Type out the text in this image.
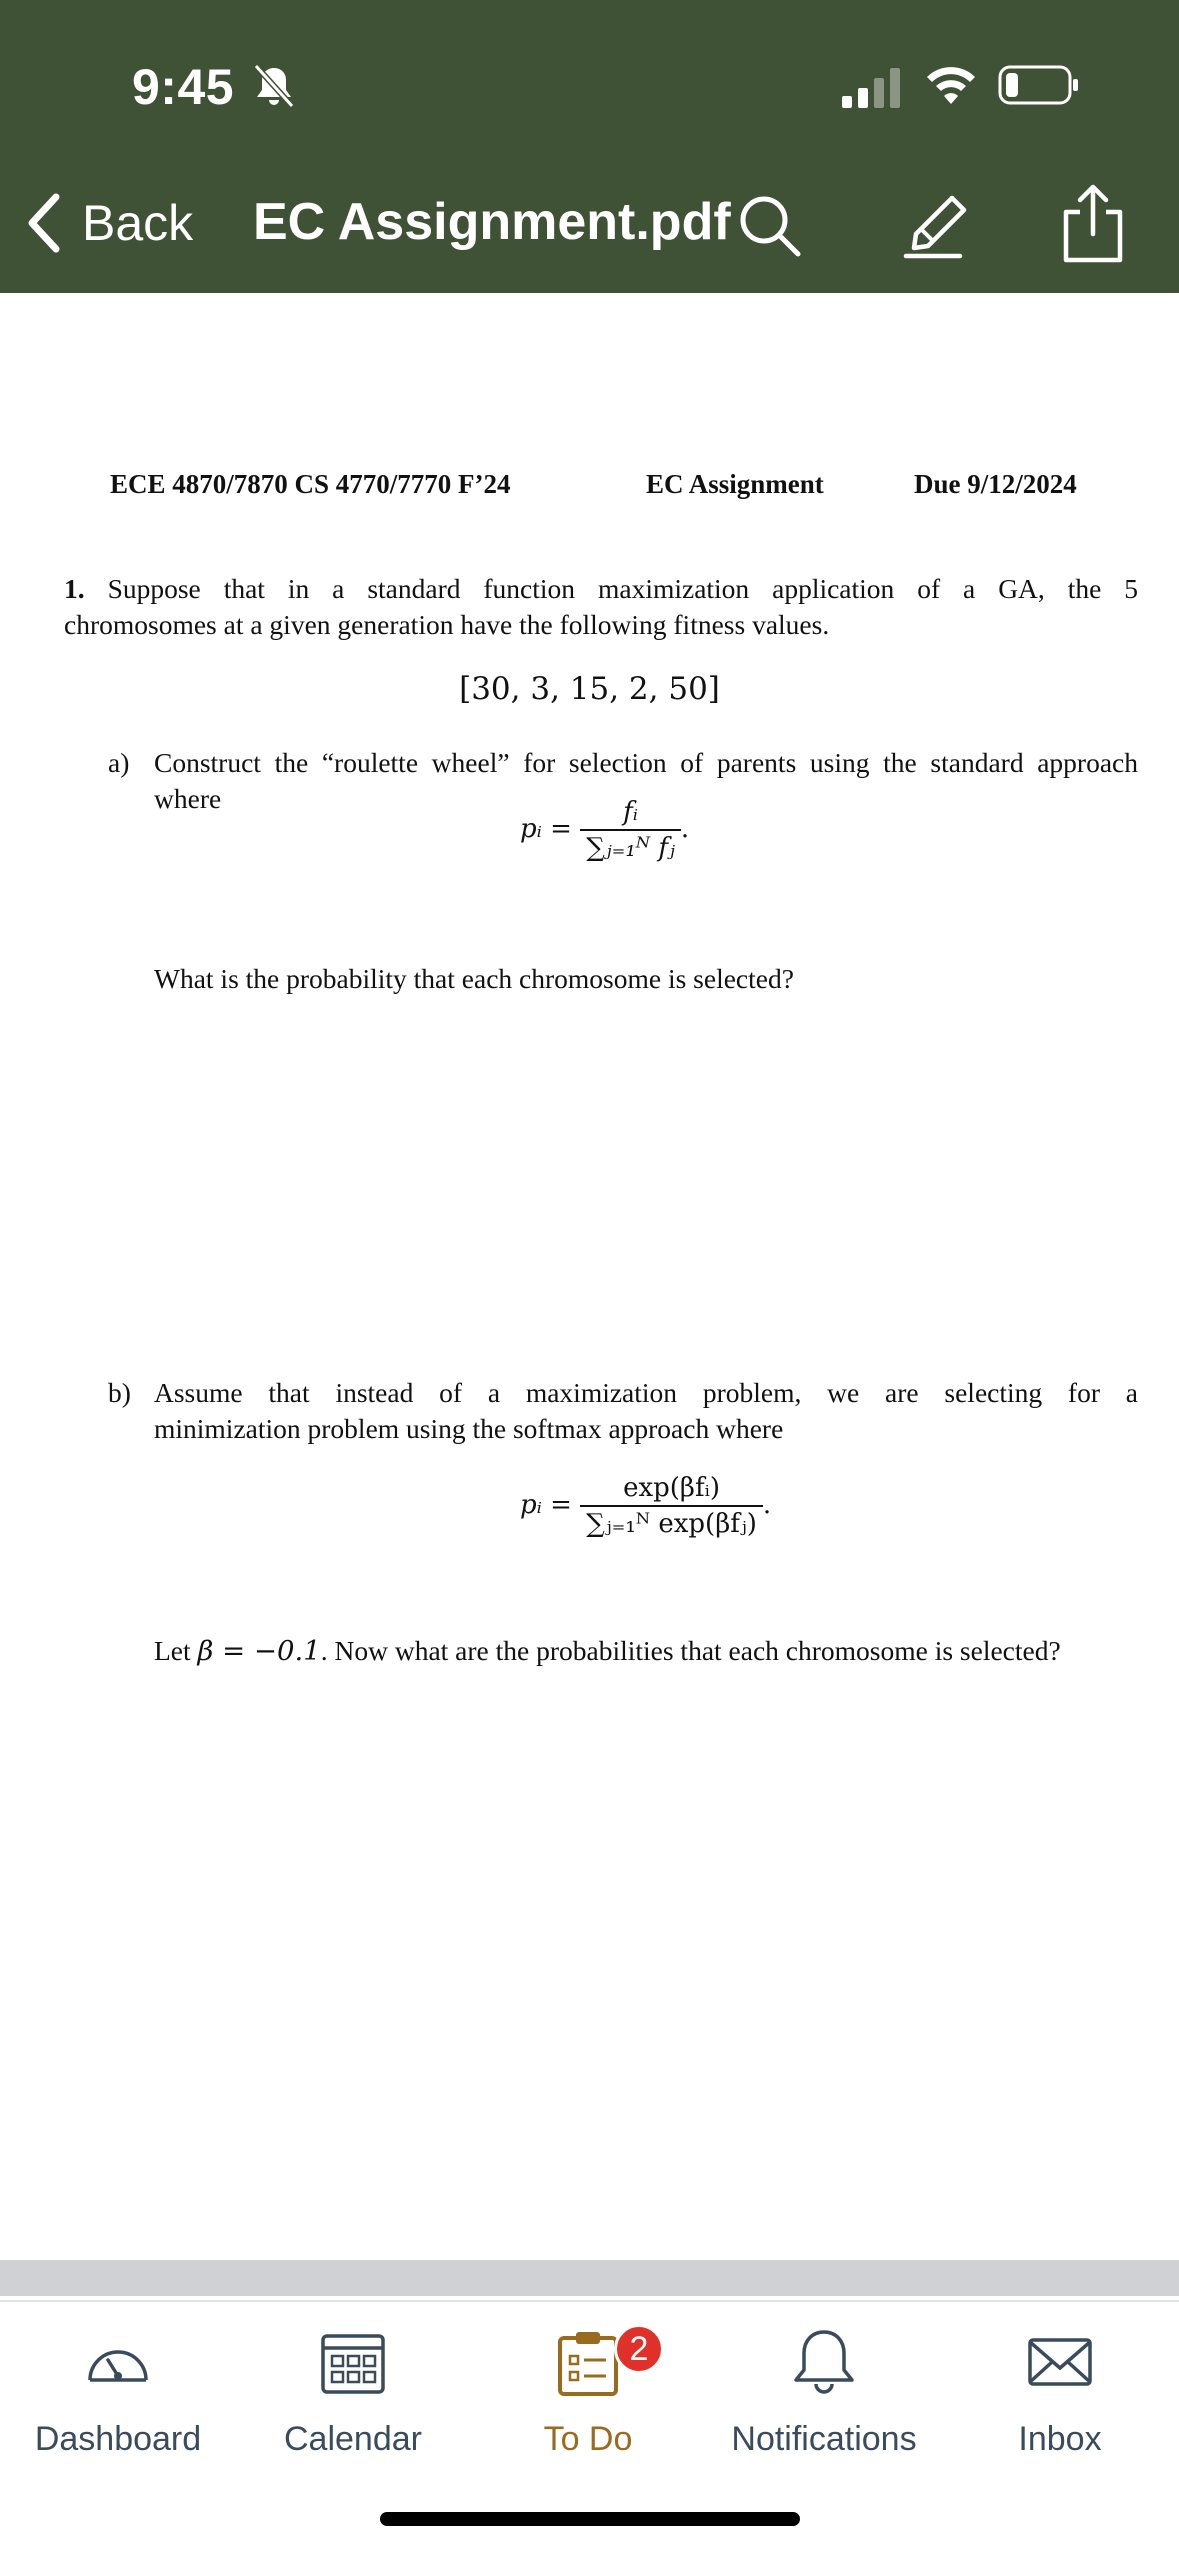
9:45
Back EC Assignment.pdf
ECE 4870/7870 CS 4770/7770 F’24	EC Assignment	Due 9/12/2024
1. Suppose that in a standard function maximization application of a GA, the 5
chromosomes at a given generation have the following fitness values.
[30, 3, 15, 2, 50]
a) Construct the “roulette wheel” for selection of parents using the standard approach
where
pᵢ = $\frac{\text{fᵢ}}{\text{∑ⱼ₌₁ᴺ fⱼ}}$ .
What is the probability that each chromosome is selected?
b) Assume that instead of a maximization problem, we are selecting for a
minimization problem using the softmax approach where
pᵢ = $\frac{\text{exp(βfᵢ)}}{\text{∑ⱼ₌₁ᴺ exp(βfⱼ)}}$ .
Let β = −0.1. Now what are the probabilities that each chromosome is selected?
Dashboard Calendar
2
To Do	Notifications	Inbox
